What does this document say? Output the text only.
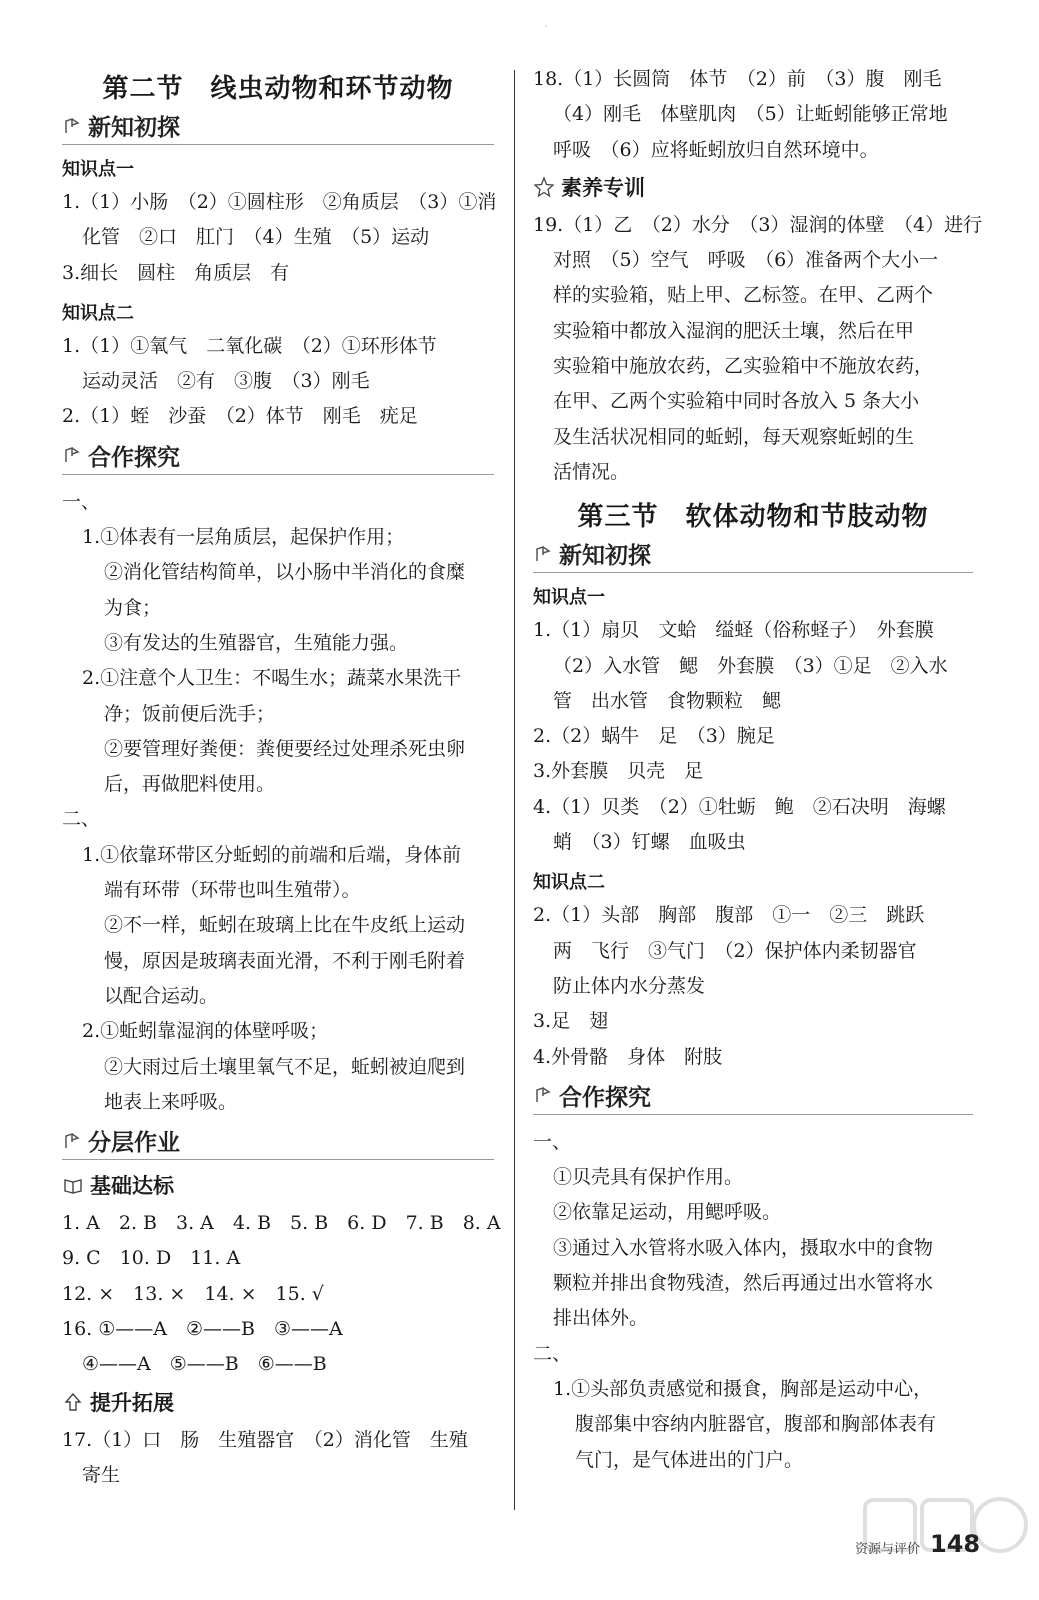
·
第二节　线虫动物和环节动物
新知初探
知识点一

1.（1）小肠　（2）①圆柱形　②角质层　（3）①消

化管　②口　肛门　（4）生殖　（5）运动

3.细长　圆柱　角质层　有

知识点二

1.（1）①氧气　二氧化碳　（2）①环形体节

运动灵活　②有　③腹　（3）刚毛

2.（1）蛭　沙蚕　（2）体节　刚毛　疣足

合作探究

一、

1.①体表有一层角质层，起保护作用；

②消化管结构简单，以小肠中半消化的食糜

为食；

③有发达的生殖器官，生殖能力强。

2.①注意个人卫生：不喝生水；蔬菜水果洗干

净；饭前便后洗手；

②要管理好粪便：粪便要经过处理杀死虫卵

后，再做肥料使用。

二、

1.①依靠环带区分蚯蚓的前端和后端，身体前

端有环带（环带也叫生殖带）。

②不一样，蚯蚓在玻璃上比在牛皮纸上运动

慢，原因是玻璃表面光滑，不利于刚毛附着

以配合运动。

2.①蚯蚓靠湿润的体壁呼吸；

②大雨过后土壤里氧气不足，蚯蚓被迫爬到

地表上来呼吸。

分层作业
基础达标

1. A　2. B　3. A　4. B　5. B　6. D　7. B　8. A

9. C　10. D　11. A

12. ×　13. ×　14. ×　15. √

16. ①——A　②——B　③——A

④——A　⑤——B　⑥——B

提升拓展

17.（1）口　肠　生殖器官　（2）消化管　生殖

寄生

18.（1）长圆筒　体节　（2）前　（3）腹　刚毛

（4）刚毛　体壁肌肉　（5）让蚯蚓能够正常地

呼吸　（6）应将蚯蚓放归自然环境中。

素养专训

19.（1）乙　（2）水分　（3）湿润的体壁　（4）进行

对照　（5）空气　呼吸　（6）准备两个大小一

样的实验箱，贴上甲、乙标签。在甲、乙两个

实验箱中都放入湿润的肥沃土壤，然后在甲

实验箱中施放农药，乙实验箱中不施放农药，

在甲、乙两个实验箱中同时各放入 5 条大小

及生活状况相同的蚯蚓，每天观察蚯蚓的生

活情况。

第三节　软体动物和节肢动物
新知初探
知识点一

1.（1）扇贝　文蛤　缢蛏（俗称蛏子）　外套膜

（2）入水管　鳃　外套膜　（3）①足　②入水

管　出水管　食物颗粒　鳃

2.（2）蜗牛　足　（3）腕足

3.外套膜　贝壳　足

4.（1）贝类　（2）①牡蛎　鲍　②石决明　海螺

蛸　（3）钉螺　血吸虫

知识点二

2.（1）头部　胸部　腹部　①一　②三　跳跃

两　飞行　③气门　（2）保护体内柔韧器官

防止体内水分蒸发

3.足　翅

4.外骨骼　身体　附肢

合作探究

一、

①贝壳具有保护作用。

②依靠足运动，用鳃呼吸。

③通过入水管将水吸入体内，摄取水中的食物

颗粒并排出食物残渣，然后再通过出水管将水

排出体外。

二、

1.①头部负责感觉和摄食，胸部是运动中心，

腹部集中容纳内脏器官，腹部和胸部体表有

气门，是气体进出的门户。

资源与评价 148
